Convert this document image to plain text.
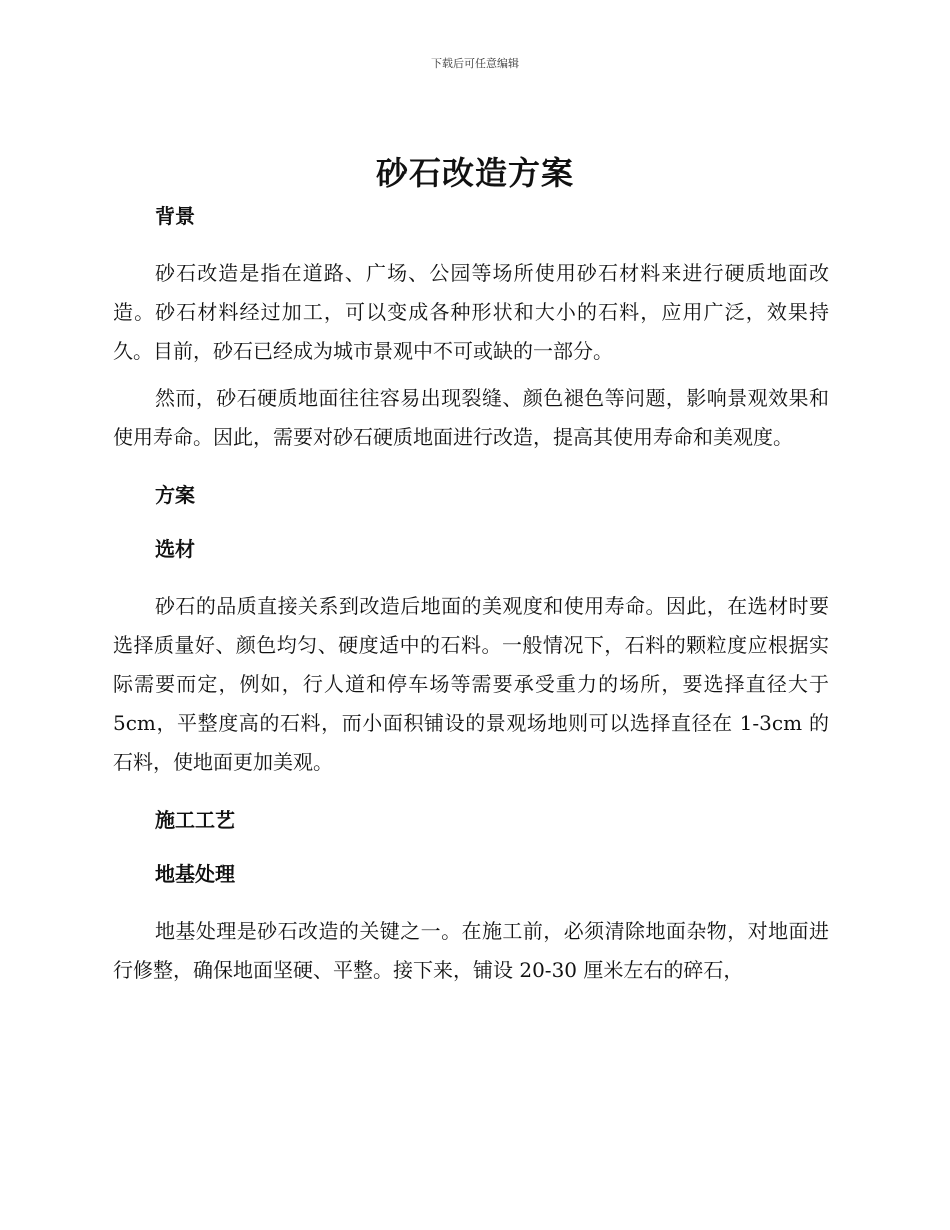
下载后可任意编辑
砂石改造方案

背景

砂石改造是指在道路、广场、公园等场所使用砂石材料来进行硬质地面改造。砂石材料经过加工，可以变成各种形状和大小的石料，应用广泛，效果持久。目前，砂石已经成为城市景观中不可或缺的一部分。

然而，砂石硬质地面往往容易出现裂缝、颜色褪色等问题，影响景观效果和使用寿命。因此，需要对砂石硬质地面进行改造，提高其使用寿命和美观度。

方案

选材

砂石的品质直接关系到改造后地面的美观度和使用寿命。因此，在选材时要选择质量好、颜色均匀、硬度适中的石料。一般情况下，石料的颗粒度应根据实际需要而定，例如，行人道和停车场等需要承受重力的场所，要选择直径大于 5cm，平整度高的石料，而小面积铺设的景观场地则可以选择直径在 1-3cm 的石料，使地面更加美观。

施工工艺

地基处理

地基处理是砂石改造的关键之一。在施工前，必须清除地面杂物，对地面进行修整，确保地面坚硬、平整。接下来，铺设 20-30 厘米左右的碎石，
